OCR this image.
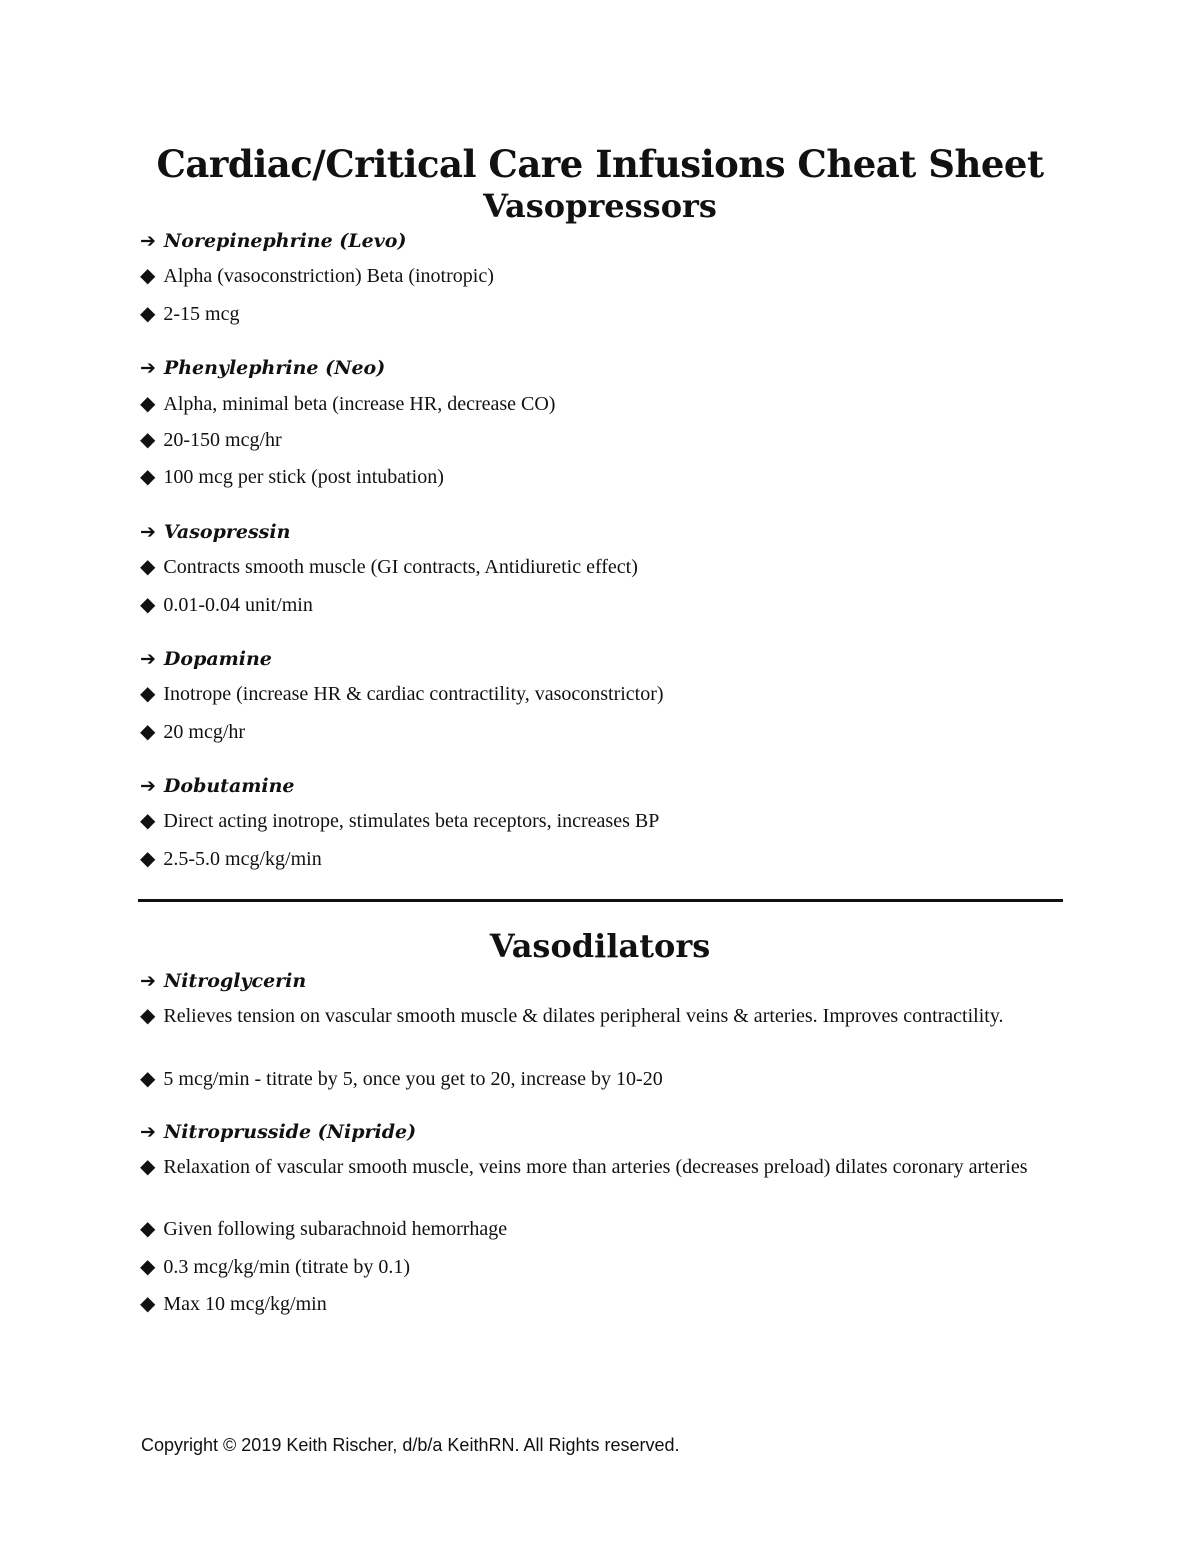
Cardiac/Critical Care Infusions Cheat Sheet
Vasopressors
➔ Norepinephrine (Levo)
◆ Alpha (vasoconstriction) Beta (inotropic)
◆ 2-15 mcg
➔ Phenylephrine (Neo)
◆ Alpha, minimal beta (increase HR, decrease CO)
◆ 20-150 mcg/hr
◆ 100 mcg per stick (post intubation)
➔ Vasopressin
◆ Contracts smooth muscle (GI contracts, Antidiuretic effect)
◆ 0.01-0.04 unit/min
➔ Dopamine
◆ Inotrope (increase HR & cardiac contractility, vasoconstrictor)
◆ 20 mcg/hr
➔ Dobutamine
◆ Direct acting inotrope, stimulates beta receptors, increases BP
◆ 2.5-5.0 mcg/kg/min
Vasodilators
➔ Nitroglycerin
◆ Relieves tension on vascular smooth muscle & dilates peripheral veins & arteries. Improves contractility.
◆ 5 mcg/min - titrate by 5, once you get to 20, increase by 10-20
➔ Nitroprusside (Nipride)
◆ Relaxation of vascular smooth muscle, veins more than arteries (decreases preload) dilates coronary arteries
◆ Given following subarachnoid hemorrhage
◆ 0.3 mcg/kg/min (titrate by 0.1)
◆ Max 10 mcg/kg/min
Copyright © 2019 Keith Rischer, d/b/a KeithRN. All Rights reserved.
